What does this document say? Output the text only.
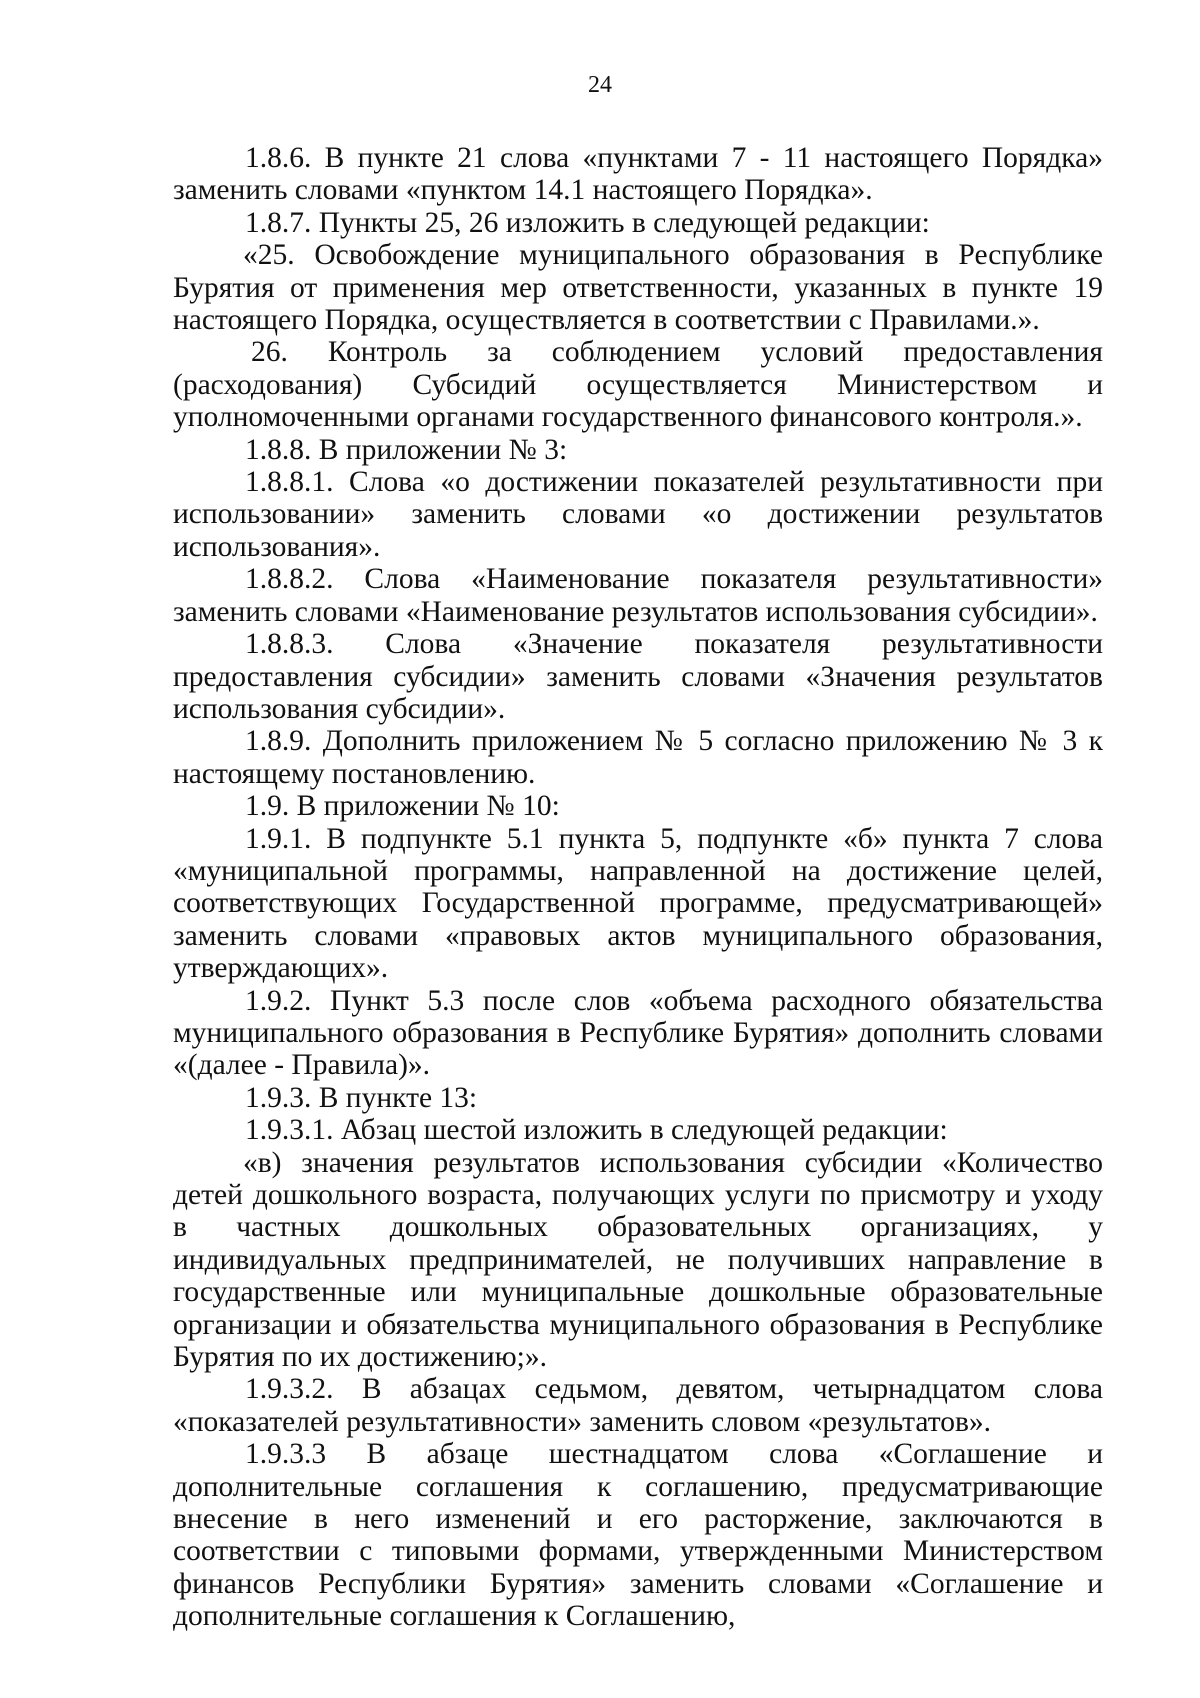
24

1.8.6. В пункте 21 слова «пунктами 7 - 11 настоящего Порядка» заменить словами «пунктом 14.1 настоящего Порядка».

1.8.7. Пункты 25, 26 изложить в следующей редакции:

«25. Освобождение муниципального образования в Республике Бурятия от применения мер ответственности, указанных в пункте 19 настоящего Порядка, осуществляется в соответствии с Правилами.».

26. Контроль за соблюдением условий предоставления (расходования) Субсидий осуществляется Министерством и уполномоченными органами государственного финансового контроля.».

1.8.8. В приложении № 3:

1.8.8.1. Слова «о достижении показателей результативности при использовании» заменить словами «о достижении результатов использования».

1.8.8.2. Слова «Наименование показателя результативности» заменить словами «Наименование результатов использования субсидии».

1.8.8.3. Слова «Значение показателя результативности предоставления субсидии» заменить словами «Значения результатов использования субсидии».

1.8.9. Дополнить приложением № 5 согласно приложению № 3 к настоящему постановлению.

1.9. В приложении № 10:

1.9.1. В подпункте 5.1 пункта 5, подпункте «б» пункта 7 слова «муниципальной программы, направленной на достижение целей, соответствующих Государственной программе, предусматривающей» заменить словами «правовых актов муниципального образования, утверждающих».

1.9.2. Пункт 5.3 после слов «объема расходного обязательства муниципального образования в Республике Бурятия» дополнить словами «(далее - Правила)».

1.9.3. В пункте 13:

1.9.3.1. Абзац шестой изложить в следующей редакции:

«в) значения результатов использования субсидии «Количество детей дошкольного возраста, получающих услуги по присмотру и уходу в частных дошкольных образовательных организациях, у индивидуальных предпринимателей, не получивших направление в государственные или муниципальные дошкольные образовательные организации и обязательства муниципального образования в Республике Бурятия по их достижению;».

1.9.3.2. В абзацах седьмом, девятом, четырнадцатом слова «показателей результативности» заменить словом «результатов».

1.9.3.3 В абзаце шестнадцатом слова «Соглашение и дополнительные соглашения к соглашению, предусматривающие внесение в него изменений и его расторжение, заключаются в соответствии с типовыми формами, утвержденными Министерством финансов Республики Бурятия» заменить словами «Соглашение и дополнительные соглашения к Соглашению,
